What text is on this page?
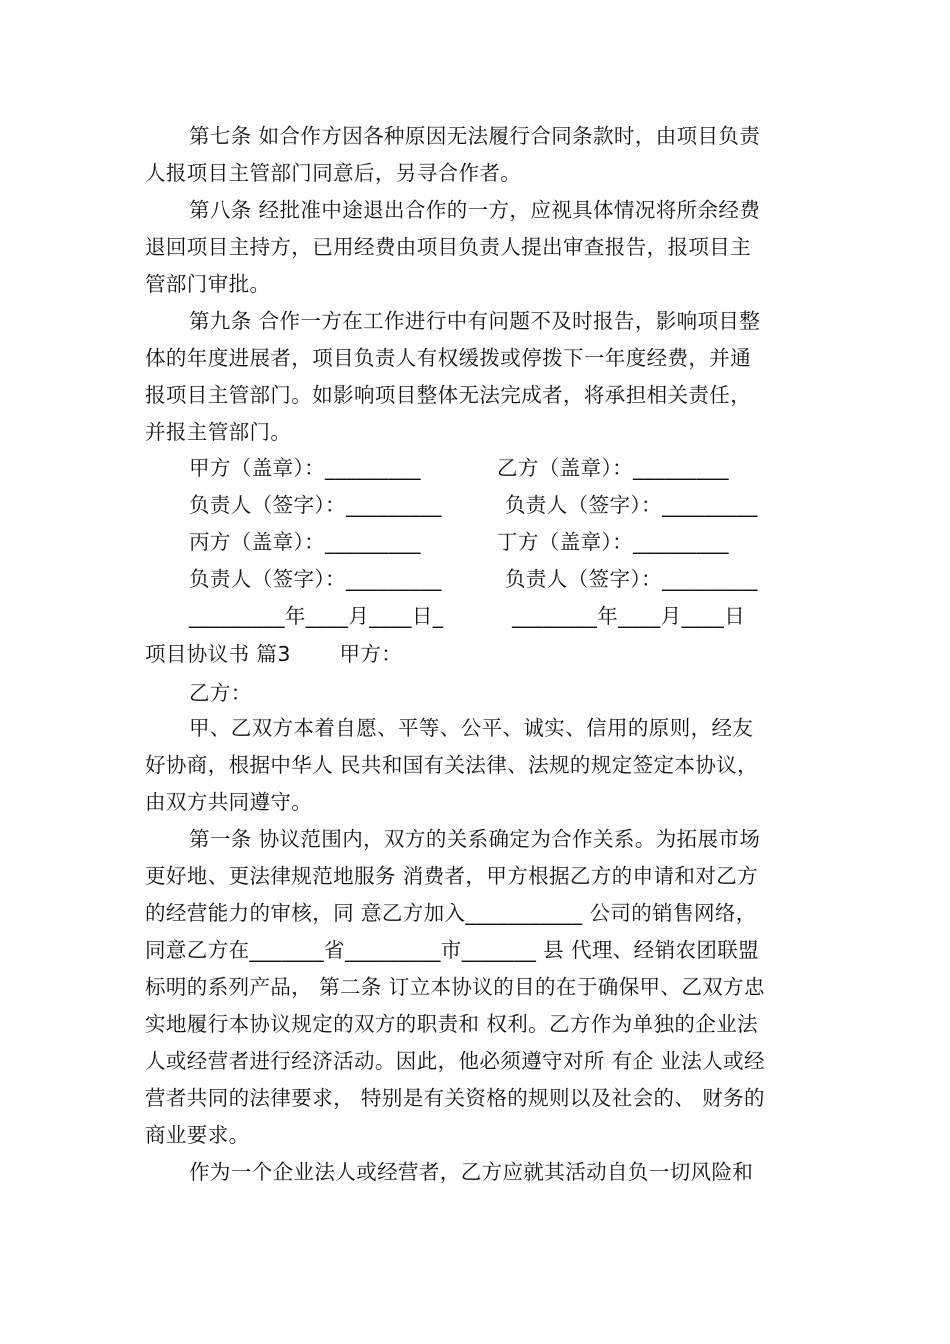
第七条 如合作方因各种原因无法履行合同条款时，由项目负责
人报项目主管部门同意后，另寻合作者。
第八条 经批准中途退出合作的一方，应视具体情况将所余经费
退回项目主持方，已用经费由项目负责人提出审查报告，报项目主
管部门审批。
第九条 合作一方在工作进行中有问题不及时报告，影响项目整
体的年度进展者，项目负责人有权缓拨或停拨下一年度经费，并通
报项目主管部门。如影响项目整体无法完成者，将承担相关责任，
并报主管部门。
甲方（盖章）：_________	乙方（盖章）：_________
负责人（签字）：_________	负责人（签字）：_________
丙方（盖章）：_________	丁方（盖章）：_________
负责人（签字）：_________	负责人（签字）：_________
_________年____月____日_	________年____月____日
项目协议书 篇3　　 甲方：
乙方：
甲、乙双方本着自愿、平等、公平、诚实、信用的原则，经友
好协商，根据中华人 民共和国有关法律、法规的规定签定本协议，
由双方共同遵守。
第一条 协议范围内，双方的关系确定为合作关系。为拓展市场
更好地、更法律规范地服务 消费者，甲方根据乙方的申请和对乙方
的经营能力的审核，同 意乙方加入___________ 公司的销售网络，
同意乙方在_______省_________市_______ 县 代理、经销农团联盟
标明的系列产品， 第二条 订立本协议的目的在于确保甲、乙双方忠
实地履行本协议规定的双方的职责和 权利。乙方作为单独的企业法
人或经营者进行经济活动。因此，他必须遵守对所 有企 业法人或经
营者共同的法律要求， 特别是有关资格的规则以及社会的、 财务的
商业要求。
作为一个企业法人或经营者，乙方应就其活动自负一切风险和
